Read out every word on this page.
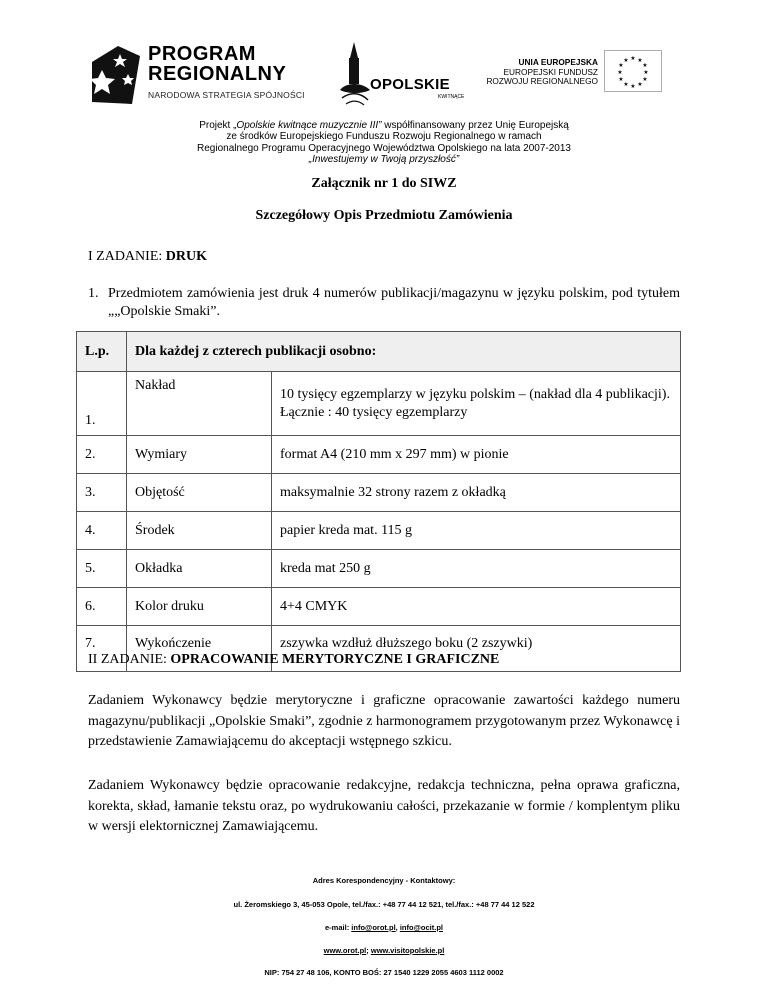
PROGRAM
REGIONALNY
NARODOWA STRATEGIA SPÓJNOŚCI
OPOLSKIE
KWITNĄCE
UNIA EUROPEJSKA
EUROPEJSKI FUNDUSZ
ROZWOJU REGIONALNEGO
★ ★
★
★
★
★
★
★
★
★
★
★
Projekt „Opolskie kwitnące muzycznie III” współfinansowany przez Unię Europejską
ze środków Europejskiego Funduszu Rozwoju Regionalnego w ramach
Regionalnego Programu Operacyjnego Województwa Opolskiego na lata 2007-2013
„Inwestujemy w Twoją przyszłość”
Załącznik nr 1 do SIWZ
Szczegółowy Opis Przedmiotu Zamówienia
I ZADANIE: DRUK
1. Przedmiotem zamówienia jest druk 4 numerów publikacji/magazynu w języku polskim, pod tytułem „„Opolskie Smaki”.
L.p.	Dla każdej z czterech publikacji osobno:	
1.	Nakład	10 tysięcy egzemplarzy w języku polskim – (nakład dla 4 publikacji). Łącznie : 40 tysięcy egzemplarzy
2.	Wymiary	format A4 (210 mm x 297 mm) w pionie
3.	Objętość	maksymalnie 32 strony razem z okładką
4.	Środek	papier kreda mat. 115 g
5.	Okładka	kreda mat 250 g
6.	Kolor druku	4+4 CMYK
7.	Wykończenie	zszywka wzdłuż dłuższego boku (2 zszywki)
II ZADANIE: OPRACOWANIE MERYTORYCZNE I GRAFICZNE
Zadaniem Wykonawcy będzie merytoryczne i graficzne opracowanie zawartości każdego numeru magazynu/publikacji „Opolskie Smaki”, zgodnie z harmonogramem przygotowanym przez Wykonawcę i przedstawienie Zamawiającemu do akceptacji wstępnego szkicu.
Zadaniem Wykonawcy będzie opracowanie redakcyjne, redakcja techniczna, pełna oprawa graficzna, korekta, skład, łamanie tekstu oraz, po wydrukowaniu całości, przekazanie w formie / komplentym pliku w wersji elektornicznej Zamawiającemu.
Adres Korespondencyjny - Kontaktowy:
ul. Żeromskiego 3, 45-053 Opole, tel./fax.: +48 77 44 12 521, tel./fax.: +48 77 44 12 522
e-mail: info@orot.pl, info@ocit.pl
www.orot.pl; www.visitopolskie.pl
NIP: 754 27 48 106, KONTO BOŚ: 27 1540 1229 2055 4603 1112 0002
